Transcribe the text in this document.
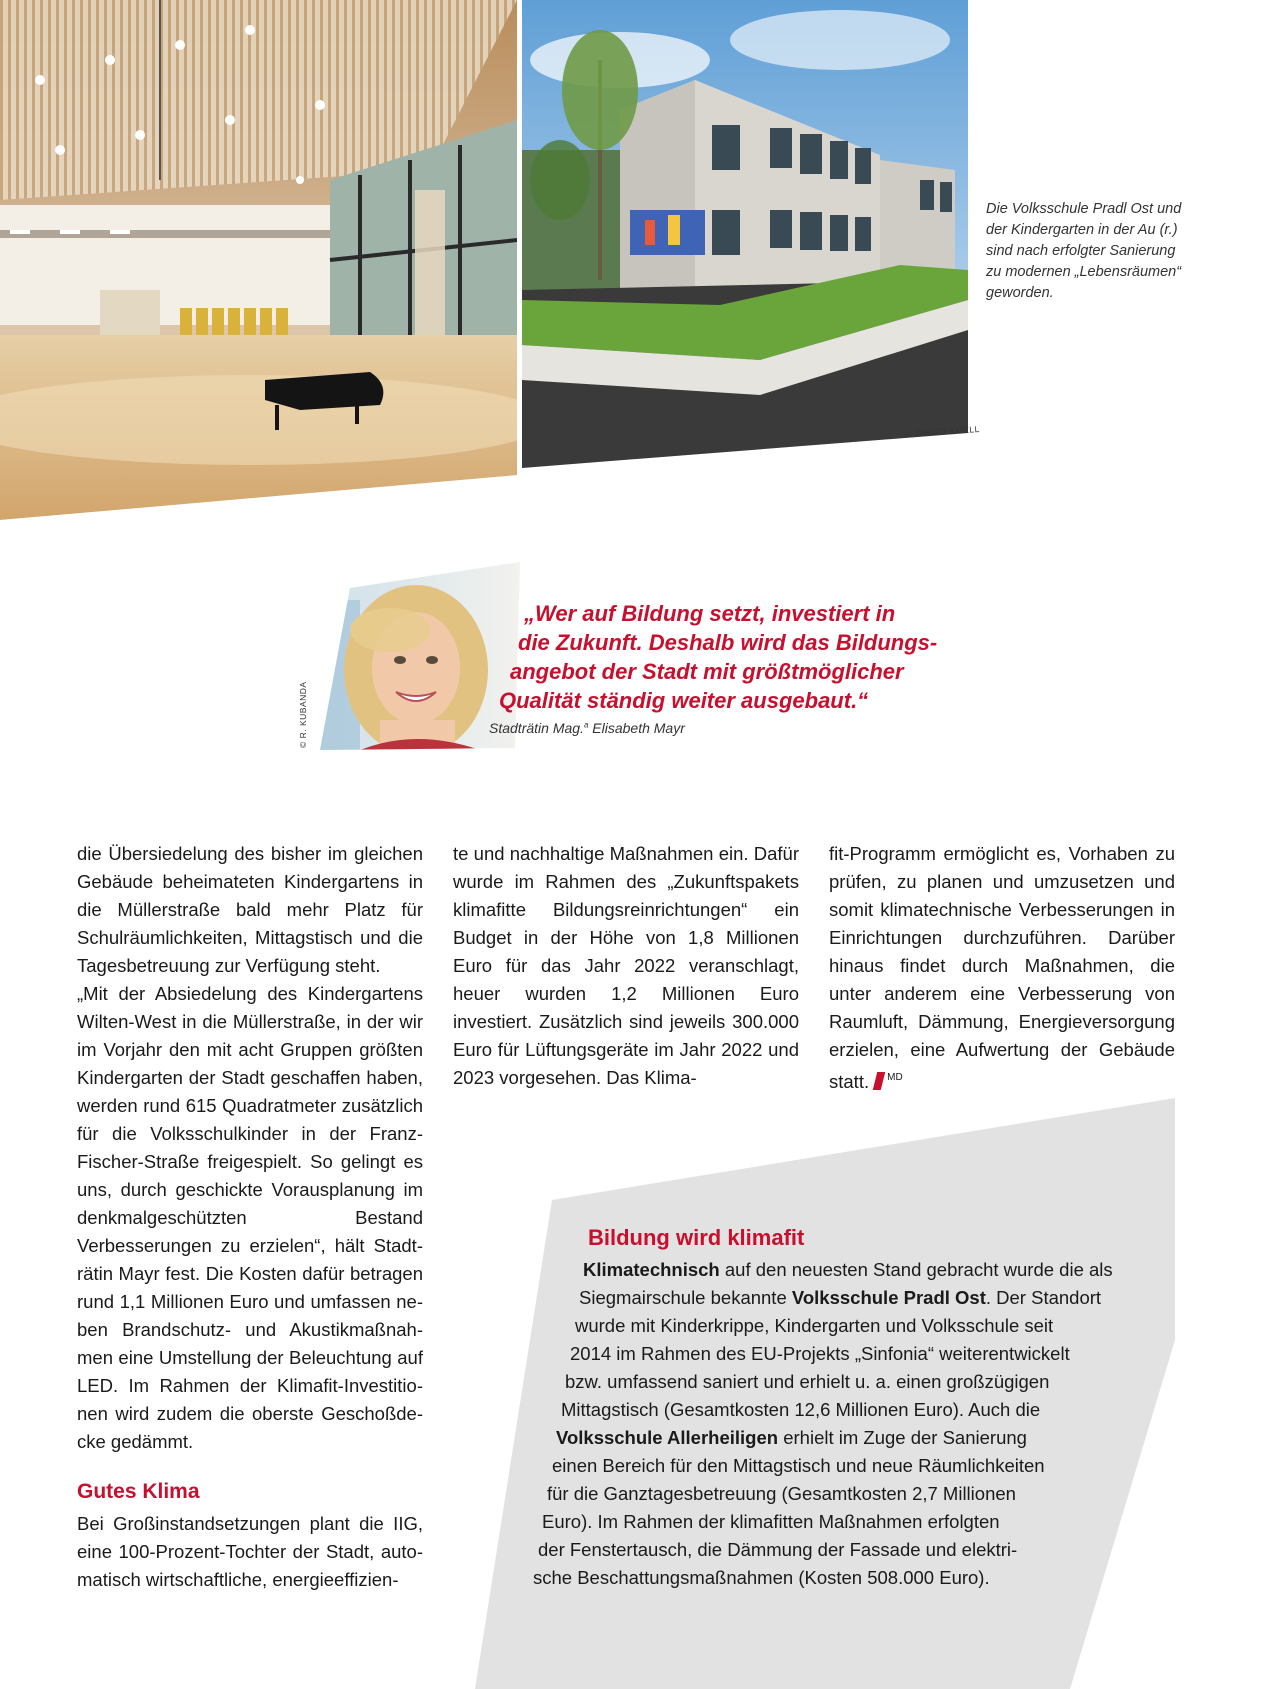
Die Volksschule Pradl Ost und der Kindergarten in der Au (r.) sind nach erfolgter Sanierung zu modernen „Lebensräumen“ geworden.
© BIRGIT KOELL
© R. KUBANDA
„Wer auf Bildung setzt, investiert in
die Zukunft. Deshalb wird das Bildungs-
angebot der Stadt mit größtmöglicher
Qualität ständig weiter ausgebaut.“
Stadträtin Mag.$^a$ Elisabeth Mayr

die Übersiedelung des bisher im gleichen Gebäude beheimateten Kindergartens in die Müllerstraße bald mehr Platz für Schulräumlichkeiten, Mittagstisch und die Tagesbetreuung zur Verfügung steht.

„Mit der Absiedelung des Kindergartens Wilten-West in die Müllerstraße, in der wir im Vorjahr den mit acht Gruppen größten Kindergarten der Stadt geschaffen haben, werden rund 615 Quadratmeter zusätzlich für die Volksschulkinder in der Franz-Fischer-Straße freigespielt. So gelingt es uns, durch geschickte Vorausplanung im denkmalgeschützten Bestand Verbesserungen zu erzielen“, hält Stadträtin Mayr fest. Die Kosten dafür betragen rund 1,1 Millionen Euro und umfassen neben Brandschutz- und Akustikmaßnahmen eine Umstellung der Beleuchtung auf LED. Im Rahmen der Klimafit-Investitionen wird zudem die oberste Geschoßdecke gedämmt.

Gutes Klima

Bei Großinstandsetzungen plant die IIG, eine 100-Prozent-Tochter der Stadt, automatisch wirtschaftliche, energieeffizien-

te und nachhaltige Maßnahmen ein. Dafür wurde im Rahmen des „Zukunftspakets klimafitte Bildungsreinrichtungen“ ein Budget in der Höhe von 1,8 Millionen Euro für das Jahr 2022 veranschlagt, heuer wurden 1,2 Millionen Euro investiert. Zusätzlich sind jeweils 300.000 Euro für Lüftungsgeräte im Jahr 2022 und 2023 vorgesehen. Das Klima-

fit-Programm ermöglicht es, Vorhaben zu prüfen, zu planen und umzusetzen und somit klimatechnische Verbesserungen in Einrichtungen durchzuführen. Darüber hinaus findet durch Maßnahmen, die unter anderem eine Verbesserung von Raumluft, Dämmung, Energieversorgung erzielen, eine Aufwertung der Gebäude statt. $^{MD}$

Bildung wird klimafit
Klimatechnisch auf den neuesten Stand gebracht wurde die als
Siegmairschule bekannte Volksschule Pradl Ost. Der Standort
wurde mit Kinderkrippe, Kindergarten und Volksschule seit
2014 im Rahmen des EU-Projekts „Sinfonia“ weiterentwickelt
bzw. umfassend saniert und erhielt u. a. einen großzügigen
Mittagstisch (Gesamtkosten 12,6 Millionen Euro). Auch die
Volksschule Allerheiligen erhielt im Zuge der Sanierung
einen Bereich für den Mittagstisch und neue Räumlichkeiten
für die Ganztagesbetreuung (Gesamtkosten 2,7 Millionen
Euro). Im Rahmen der klimafitten Maßnahmen erfolgten
der Fenstertausch, die Dämmung der Fassade und elektri-
sche Beschattungsmaßnahmen (Kosten 508.000 Euro).
